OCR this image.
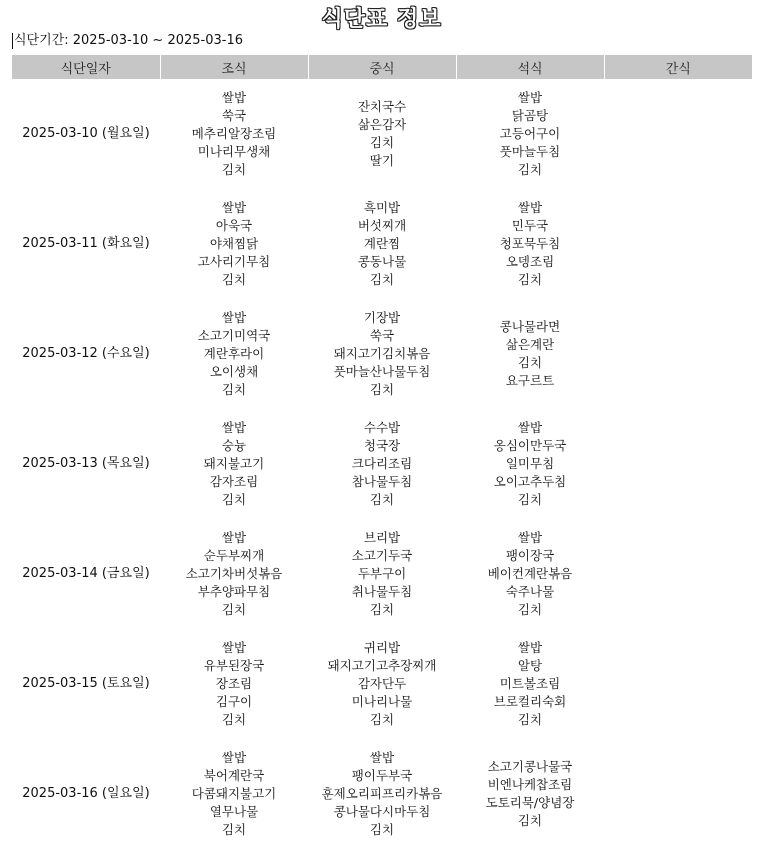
식단표 정보
식단기간: 2025-03-10 ~ 2025-03-16
식단일자	조식	중식	석식	간식
2025-03-10 (월요일)	쌀밥
쑥국
메추리알장조림
미나리무생채
김치	잔치국수
삶은감자
김치
딸기	쌀밥
닭곰탕
고등어구이
풋마늘두침
김치	

2025-03-11 (화요일)	쌀밥
아욱국
야채찜닭
고사리기무침
김치	흑미밥
버섯찌개
계란찜
콩동나물
김치	쌀밥
민두국
청포묵두침
오뎅조림
김치	

2025-03-12 (수요일)	쌀밥
소고기미역국
계란후라이
오이생채
김치	기장밥
쑥국
돼지고기김치볶음
풋마늘산나물두침
김치	콩나물라면
삶은계란
김치
요구르트	

2025-03-13 (목요일)	쌀밥
숭늉
돼지불고기
감자조림
김치	수수밥
청국장
크다리조림
참나물두침
김치	쌀밥
옹심이만두국
일미무침
오이고추두침
김치	

2025-03-14 (금요일)	쌀밥
순두부찌개
소고기차버섯볶음
부추양파무침
김치	브리밥
소고기두국
두부구이
취나물두침
김치	쌀밥
팽이장국
베이컨계란볶음
숙주나물
김치	

2025-03-15 (토요일)	쌀밥
유부된장국
장조림
김구이
김치	귀리밥
돼지고기고추장찌개
감자단두
미나리나물
김치	쌀밥
알탕
미트볼조림
브로컬리숙회
김치	

2025-03-16 (일요일)	쌀밥
북어계란국
다콤돼지불고기
열무나물
김치	쌀밥
팽이두부국
훈제오리피프리카볶음
콩나물다시마두침
김치	소고기콩나물국
비엔나케찹조림
도토리묵/양념장
김치	
